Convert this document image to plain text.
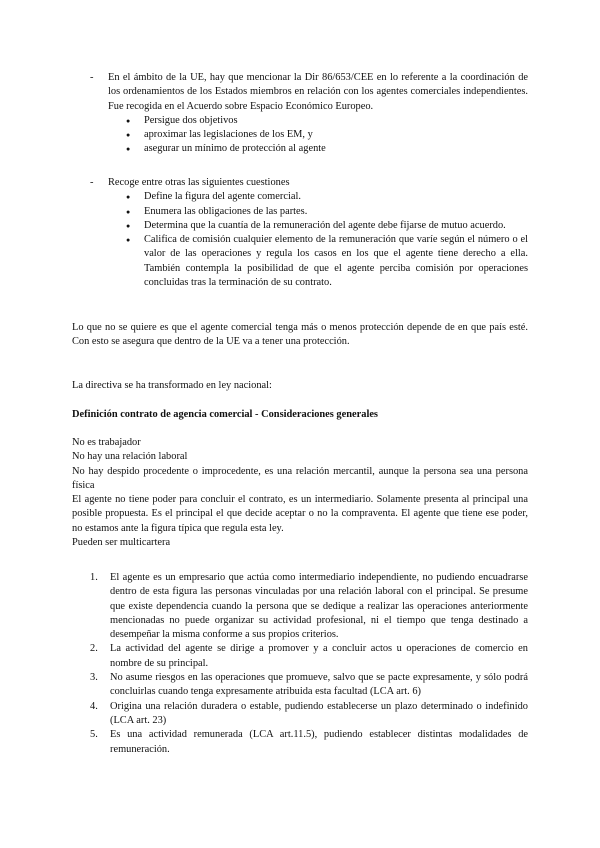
- En el ámbito de la UE, hay que mencionar la Dir 86/653/CEE en lo referente a la coordinación de los ordenamientos de los Estados miembros en relación con los agentes comerciales independientes. Fue recogida en el Acuerdo sobre Espacio Económico Europeo.
● Persigue dos objetivos
● aproximar las legislaciones de los EM, y
● asegurar un mínimo de protección al agente
- Recoge entre otras las siguientes cuestiones
● Define la figura del agente comercial.
● Enumera las obligaciones de las partes.
● Determina que la cuantía de la remuneración del agente debe fijarse de mutuo acuerdo.
● Califica de comisión cualquier elemento de la remuneración que varíe según el número o el valor de las operaciones y regula los casos en los que el agente tiene derecho a ella. También contempla la posibilidad de que el agente perciba comisión por operaciones concluidas tras la terminación de su contrato.
Lo que no se quiere es que el agente comercial tenga más o menos protección depende de en que país esté. Con esto se asegura que dentro de la UE va a tener una protección.
La directiva se ha transformado en ley nacional:
Definición contrato de agencia comercial - Consideraciones generales

No es trabajador

No hay una relación laboral

No hay despido procedente o improcedente, es una relación mercantil, aunque la persona sea una persona física

El agente no tiene poder para concluir el contrato, es un intermediario. Solamente presenta al principal una posible propuesta. Es el principal el que decide aceptar o no la compraventa. El agente que tiene ese poder, no estamos ante la figura típica que regula esta ley.

Pueden ser multicartera

1. El agente es un empresario que actúa como intermediario independiente, no pudiendo encuadrarse dentro de esta figura las personas vinculadas por una relación laboral con el principal. Se presume que existe dependencia cuando la persona que se dedique a realizar las operaciones anteriormente mencionadas no puede organizar su actividad profesional, ni el tiempo que tenga destinado a desempeñar la misma conforme a sus propios criterios.
2. La actividad del agente se dirige a promover y a concluir actos u operaciones de comercio en nombre de su principal.
3. No asume riesgos en las operaciones que promueve, salvo que se pacte expresamente, y sólo podrá concluirlas cuando tenga expresamente atribuida esta facultad (LCA art. 6)
4. Origina una relación duradera o estable, pudiendo establecerse un plazo determinado o indefinido (LCA art. 23)
5. Es una actividad remunerada (LCA art.11.5), pudiendo establecer distintas modalidades de remuneración.
